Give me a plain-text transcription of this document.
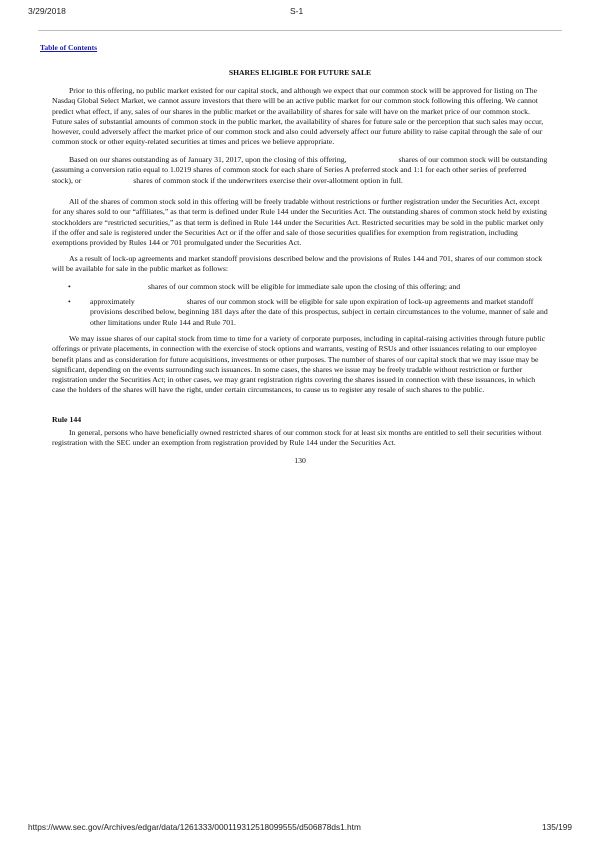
3/29/2018	S-1
Table of Contents
SHARES ELIGIBLE FOR FUTURE SALE

Prior to this offering, no public market existed for our capital stock, and although we expect that our common stock will be approved for listing on The Nasdaq Global Select Market, we cannot assure investors that there will be an active public market for our common stock following this offering. We cannot predict what effect, if any, sales of our shares in the public market or the availability of shares for sale will have on the market price of our common stock. Future sales of substantial amounts of common stock in the public market, the availability of shares for future sale or the perception that such sales may occur, however, could adversely affect the market price of our common stock and also could adversely affect our future ability to raise capital through the sale of our common stock or other equity-related securities at times and prices we believe appropriate.

Based on our shares outstanding as of January 31, 2017, upon the closing of this offering,	shares of our common stock will be outstanding (assuming a conversion ratio equal to 1.0219 shares of common stock for each share of Series A preferred stock and 1:1 for each other series of preferred stock), or	shares of common stock if the underwriters exercise their over-allotment option in full.

All of the shares of common stock sold in this offering will be freely tradable without restrictions or further registration under the Securities Act, except for any shares sold to our “affiliates,” as that term is defined under Rule 144 under the Securities Act. The outstanding shares of common stock held by existing stockholders are “restricted securities,” as that term is defined in Rule 144 under the Securities Act. Restricted securities may be sold in the public market only if the offer and sale is registered under the Securities Act or if the offer and sale of those securities qualifies for exemption from registration, including exemptions provided by Rules 144 or 701 promulgated under the Securities Act.

As a result of lock-up agreements and market standoff provisions described below and the provisions of Rules 144 and 701, shares of our common stock will be available for sale in the public market as follows:

•	shares of our common stock will be eligible for immediate sale upon the closing of this offering; and
• approximately	shares of our common stock will be eligible for sale upon expiration of lock-up agreements and market standoff provisions described below, beginning 181 days after the date of this prospectus, subject in certain circumstances to the volume, manner of sale and other limitations under Rule 144 and Rule 701.

We may issue shares of our capital stock from time to time for a variety of corporate purposes, including in capital-raising activities through future public offerings or private placements, in connection with the exercise of stock options and warrants, vesting of RSUs and other issuances relating to our employee benefit plans and as consideration for future acquisitions, investments or other purposes. The number of shares of our capital stock that we may issue may be significant, depending on the events surrounding such issuances. In some cases, the shares we issue may be freely tradable without restriction or further registration under the Securities Act; in other cases, we may grant registration rights covering the shares issued in connection with these issuances, in which case the holders of the shares will have the right, under certain circumstances, to cause us to register any resale of such shares to the public.

Rule 144

In general, persons who have beneficially owned restricted shares of our common stock for at least six months are entitled to sell their securities without registration with the SEC under an exemption from registration provided by Rule 144 under the Securities Act.

130
https://www.sec.gov/Archives/edgar/data/1261333/000119312518099555/d506878ds1.htm	135/199
